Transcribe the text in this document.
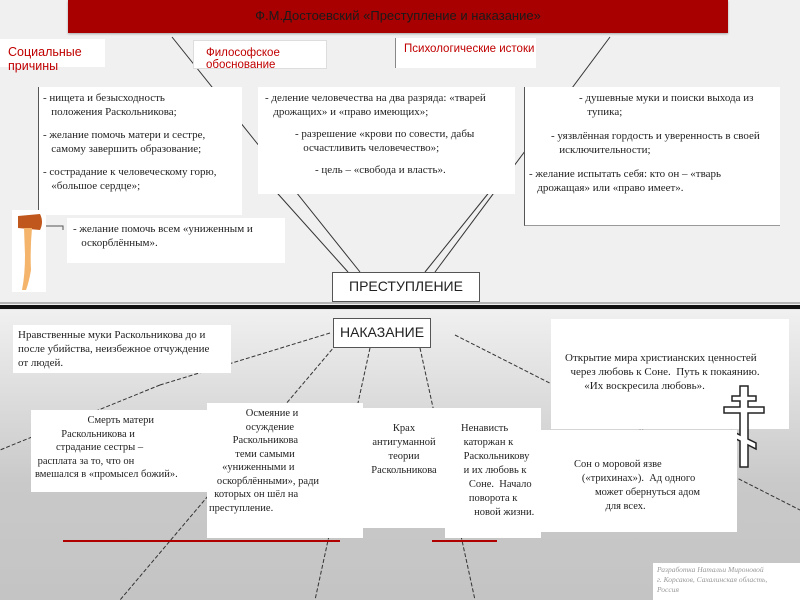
Ф.М.Достоевский «Преступление и наказание»
Социальные причины
Философское обоснование
Психологические истоки

- нищета и безысходность
положения Раскольникова;

- желание помочь матери и сестре,
самому завершить образование;

- сострадание к человеческому горю,
«большое сердце»;

- желание помочь всем «униженным и
оскорблённым».

- деление человечества на два разряда: «тварей
дрожащих» и «право имеющих»;

- разрешение «крови по совести, дабы
осчастливить человечество»;

- цель – «свобода и власть».

- душевные муки и поиски выхода из
тупика;

- уязвлённая гордость и уверенность в своей
исключительности;

- желание испытать себя: кто он – «тварь
дрожащая» или «право имеет».

ПРЕСТУПЛЕНИЕ
НАКАЗАНИЕ

Нравственные муки Раскольникова до и
после убийства, неизбежное отчуждение
от людей.	Открытие мира христианских ценностей
через любовь к Соне.  Путь к покаянию.
«Их воскресила любовь».

Смерть матери
Раскольникова и
страдание сестры –
расплата за то, что он
вмешался в «промысел божий».

Осмеяние и
осуждение
Раскольникова
теми самыми
«униженными и
оскорблёнными», ради
которых он шёл на
преступление.

Крах
антигуманной
теории
Раскольникова

Ненависть
каторжан к
Раскольникову
и их любовь к
Соне.  Начало
поворота к
новой жизни.

Сон о моровой язве
(«трихинах»).  Ад одного
может обернуться адом
для всех.

Разработка Натальи Мироновой
г. Корсаков, Сахалинская область,
Россия
